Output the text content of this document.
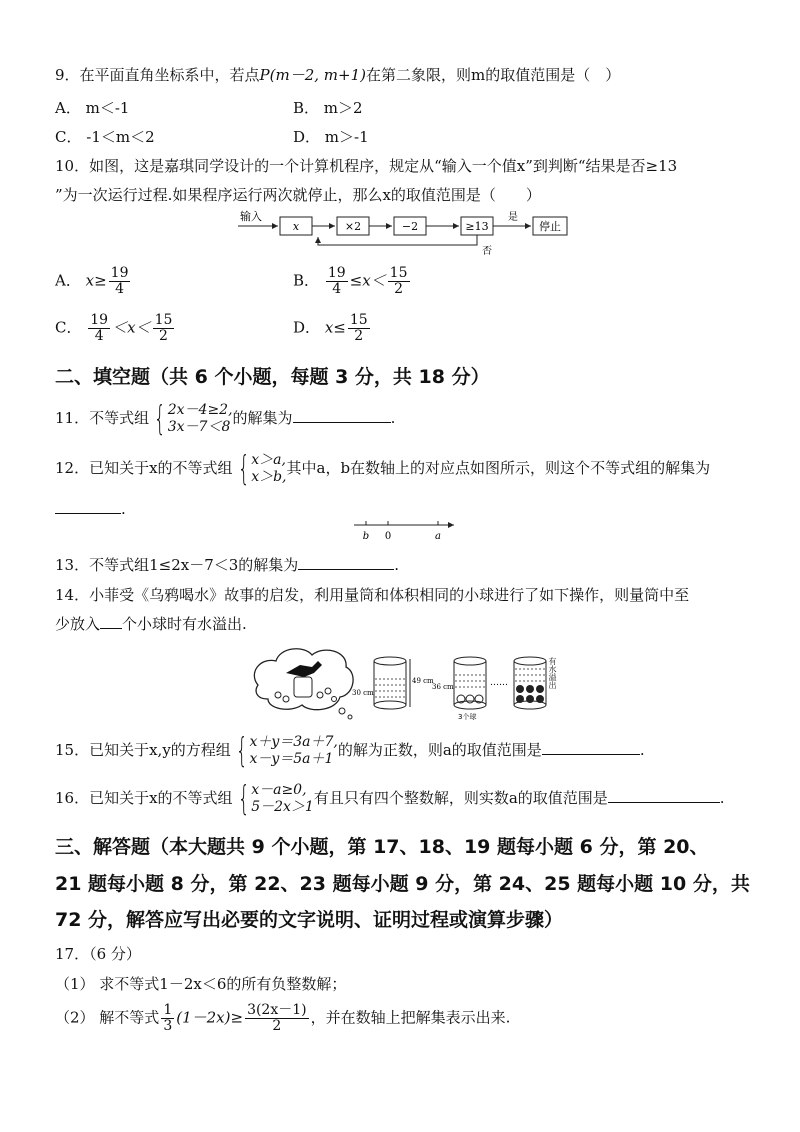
9．在平面直角坐标系中，若点P(m－2, m+1)在第二象限，则m的取值范围是（　）
A． m＜-1	B． m＞2
C． -1＜m＜2	D． m＞-1
10．如图，这是嘉琪同学设计的一个计算机程序，规定从“输入一个值x”到判断“结果是否≥13
”为一次运行过程.如果程序运行两次就停止，那么x的取值范围是（　　）
输入
x	×2	−2	≥13
是
停止
否
A． $x\ge \frac{19}{4}$	B． $\frac{19}{4} \le x< \frac{15}{2}$
C． $\frac{19}{4} <x< \frac{15}{2}$	D． $x\le \frac{15}{2}$
二、填空题（共 6 个小题，每题 3 分，共 18 分）
11．不等式组 { 2x－4≥2,
3x－7＜8 的解集为	.
12．已知关于x的不等式组 { x＞a,
x＞b, 其中a，b在数轴上的对应点如图所示，则这个不等式组的解集为
.
b 0	a
13．不等式组1≤2x－7＜3的解集为	.
14．小菲受《乌鸦喝水》故事的启发，利用量筒和体积相同的小球进行了如下操作，则量筒中至
少放入 个小球时有水溢出.
49 cm
30 cm
36 cm
3个球
……	有水溢出
15．已知关于x,y的方程组 { x＋y＝3a＋7,
x－y＝5a＋1 的解为正数，则a的取值范围是	.
16．已知关于x的不等式组 { x－a≥0,
5－2x＞1 有且只有四个整数解，则实数a的取值范围是	.
三、解答题（本大题共 9 个小题，第 17、18、19 题每小题 6 分，第 20、
21 题每小题 8 分，第 22、23 题每小题 9 分，第 24、25 题每小题 10 分，共
72 分，解答应写出必要的文字说明、证明过程或演算步骤）
17．（6 分）
（1） 求不等式1－2x＜6的所有负整数解；
（2） 解不等式 $\frac{1}{3} (1-2x)\ge \frac{3(2x-1)}{2}$ ，并在数轴上把解集表示出来.
